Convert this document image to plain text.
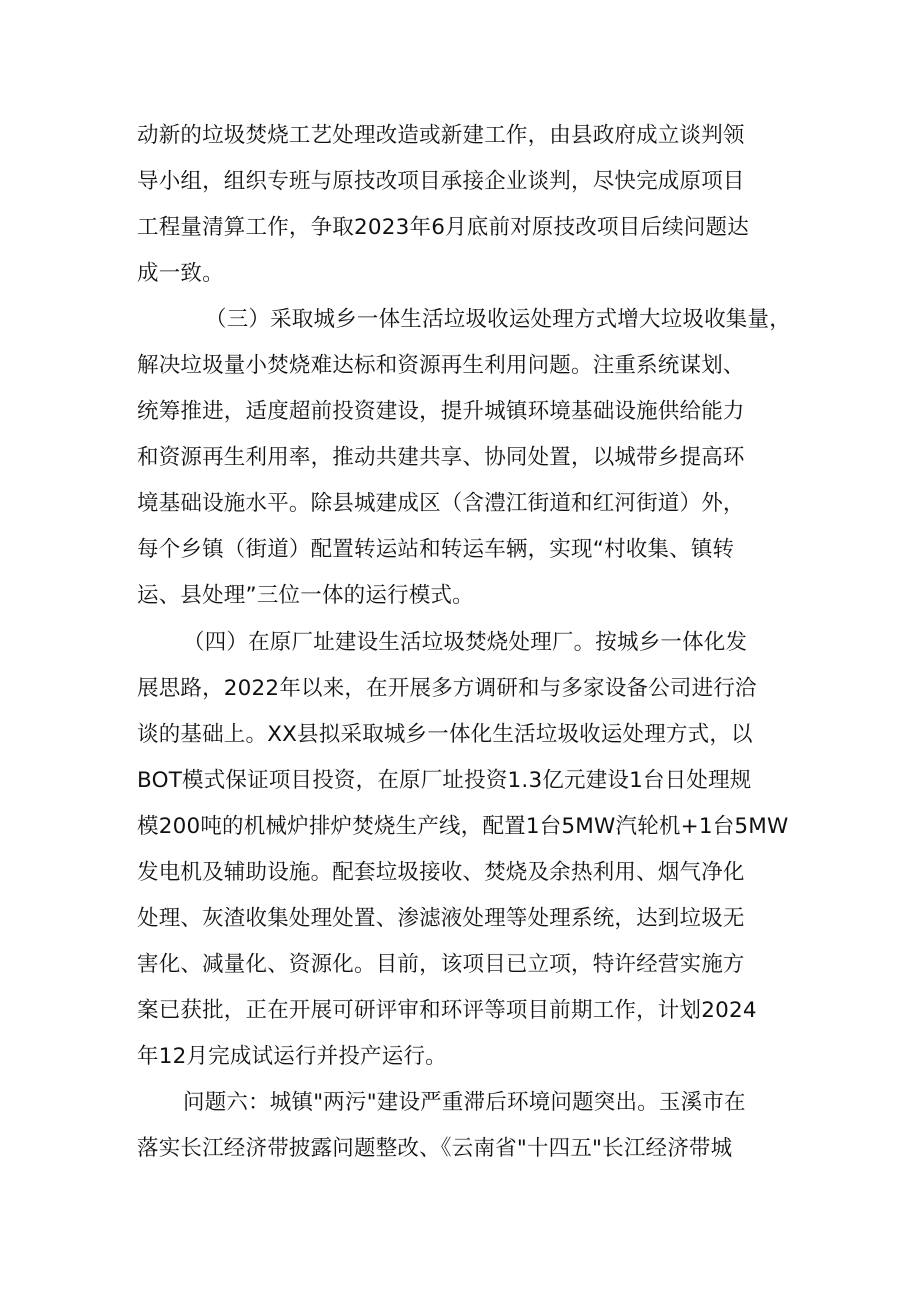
动新的垃圾焚烧工艺处理改造或新建工作，由县政府成立谈判领
导小组，组织专班与原技改项目承接企业谈判，尽快完成原项目
工程量清算工作，争取2023年6月底前对原技改项目后续问题达
成一致。
（三）采取城乡一体生活垃圾收运处理方式增大垃圾收集量，
解决垃圾量小焚烧难达标和资源再生利用问题。注重系统谋划、
统筹推进，适度超前投资建设，提升城镇环境基础设施供给能力
和资源再生利用率，推动共建共享、协同处置，以城带乡提高环
境基础设施水平。除县城建成区（含澧江街道和红河街道）外，
每个乡镇（街道）配置转运站和转运车辆，实现“村收集、镇转
运、县处理”三位一体的运行模式。
（四）在原厂址建设生活垃圾焚烧处理厂。按城乡一体化发
展思路，2022年以来，在开展多方调研和与多家设备公司进行洽
谈的基础上。XX县拟采取城乡一体化生活垃圾收运处理方式，以
BOT模式保证项目投资，在原厂址投资1.3亿元建设1台日处理规
模200吨的机械炉排炉焚烧生产线，配置1台5MW汽轮机+1台5MW
发电机及辅助设施。配套垃圾接收、焚烧及余热利用、烟气净化
处理、灰渣收集处理处置、渗滤液处理等处理系统，达到垃圾无
害化、减量化、资源化。目前，该项目已立项，特许经营实施方
案已获批，正在开展可研评审和环评等项目前期工作，计划2024
年12月完成试运行并投产运行。
问题六：城镇"两污"建设严重滞后环境问题突出。玉溪市在
落实长江经济带披露问题整改、《云南省"十四五"长江经济带城
